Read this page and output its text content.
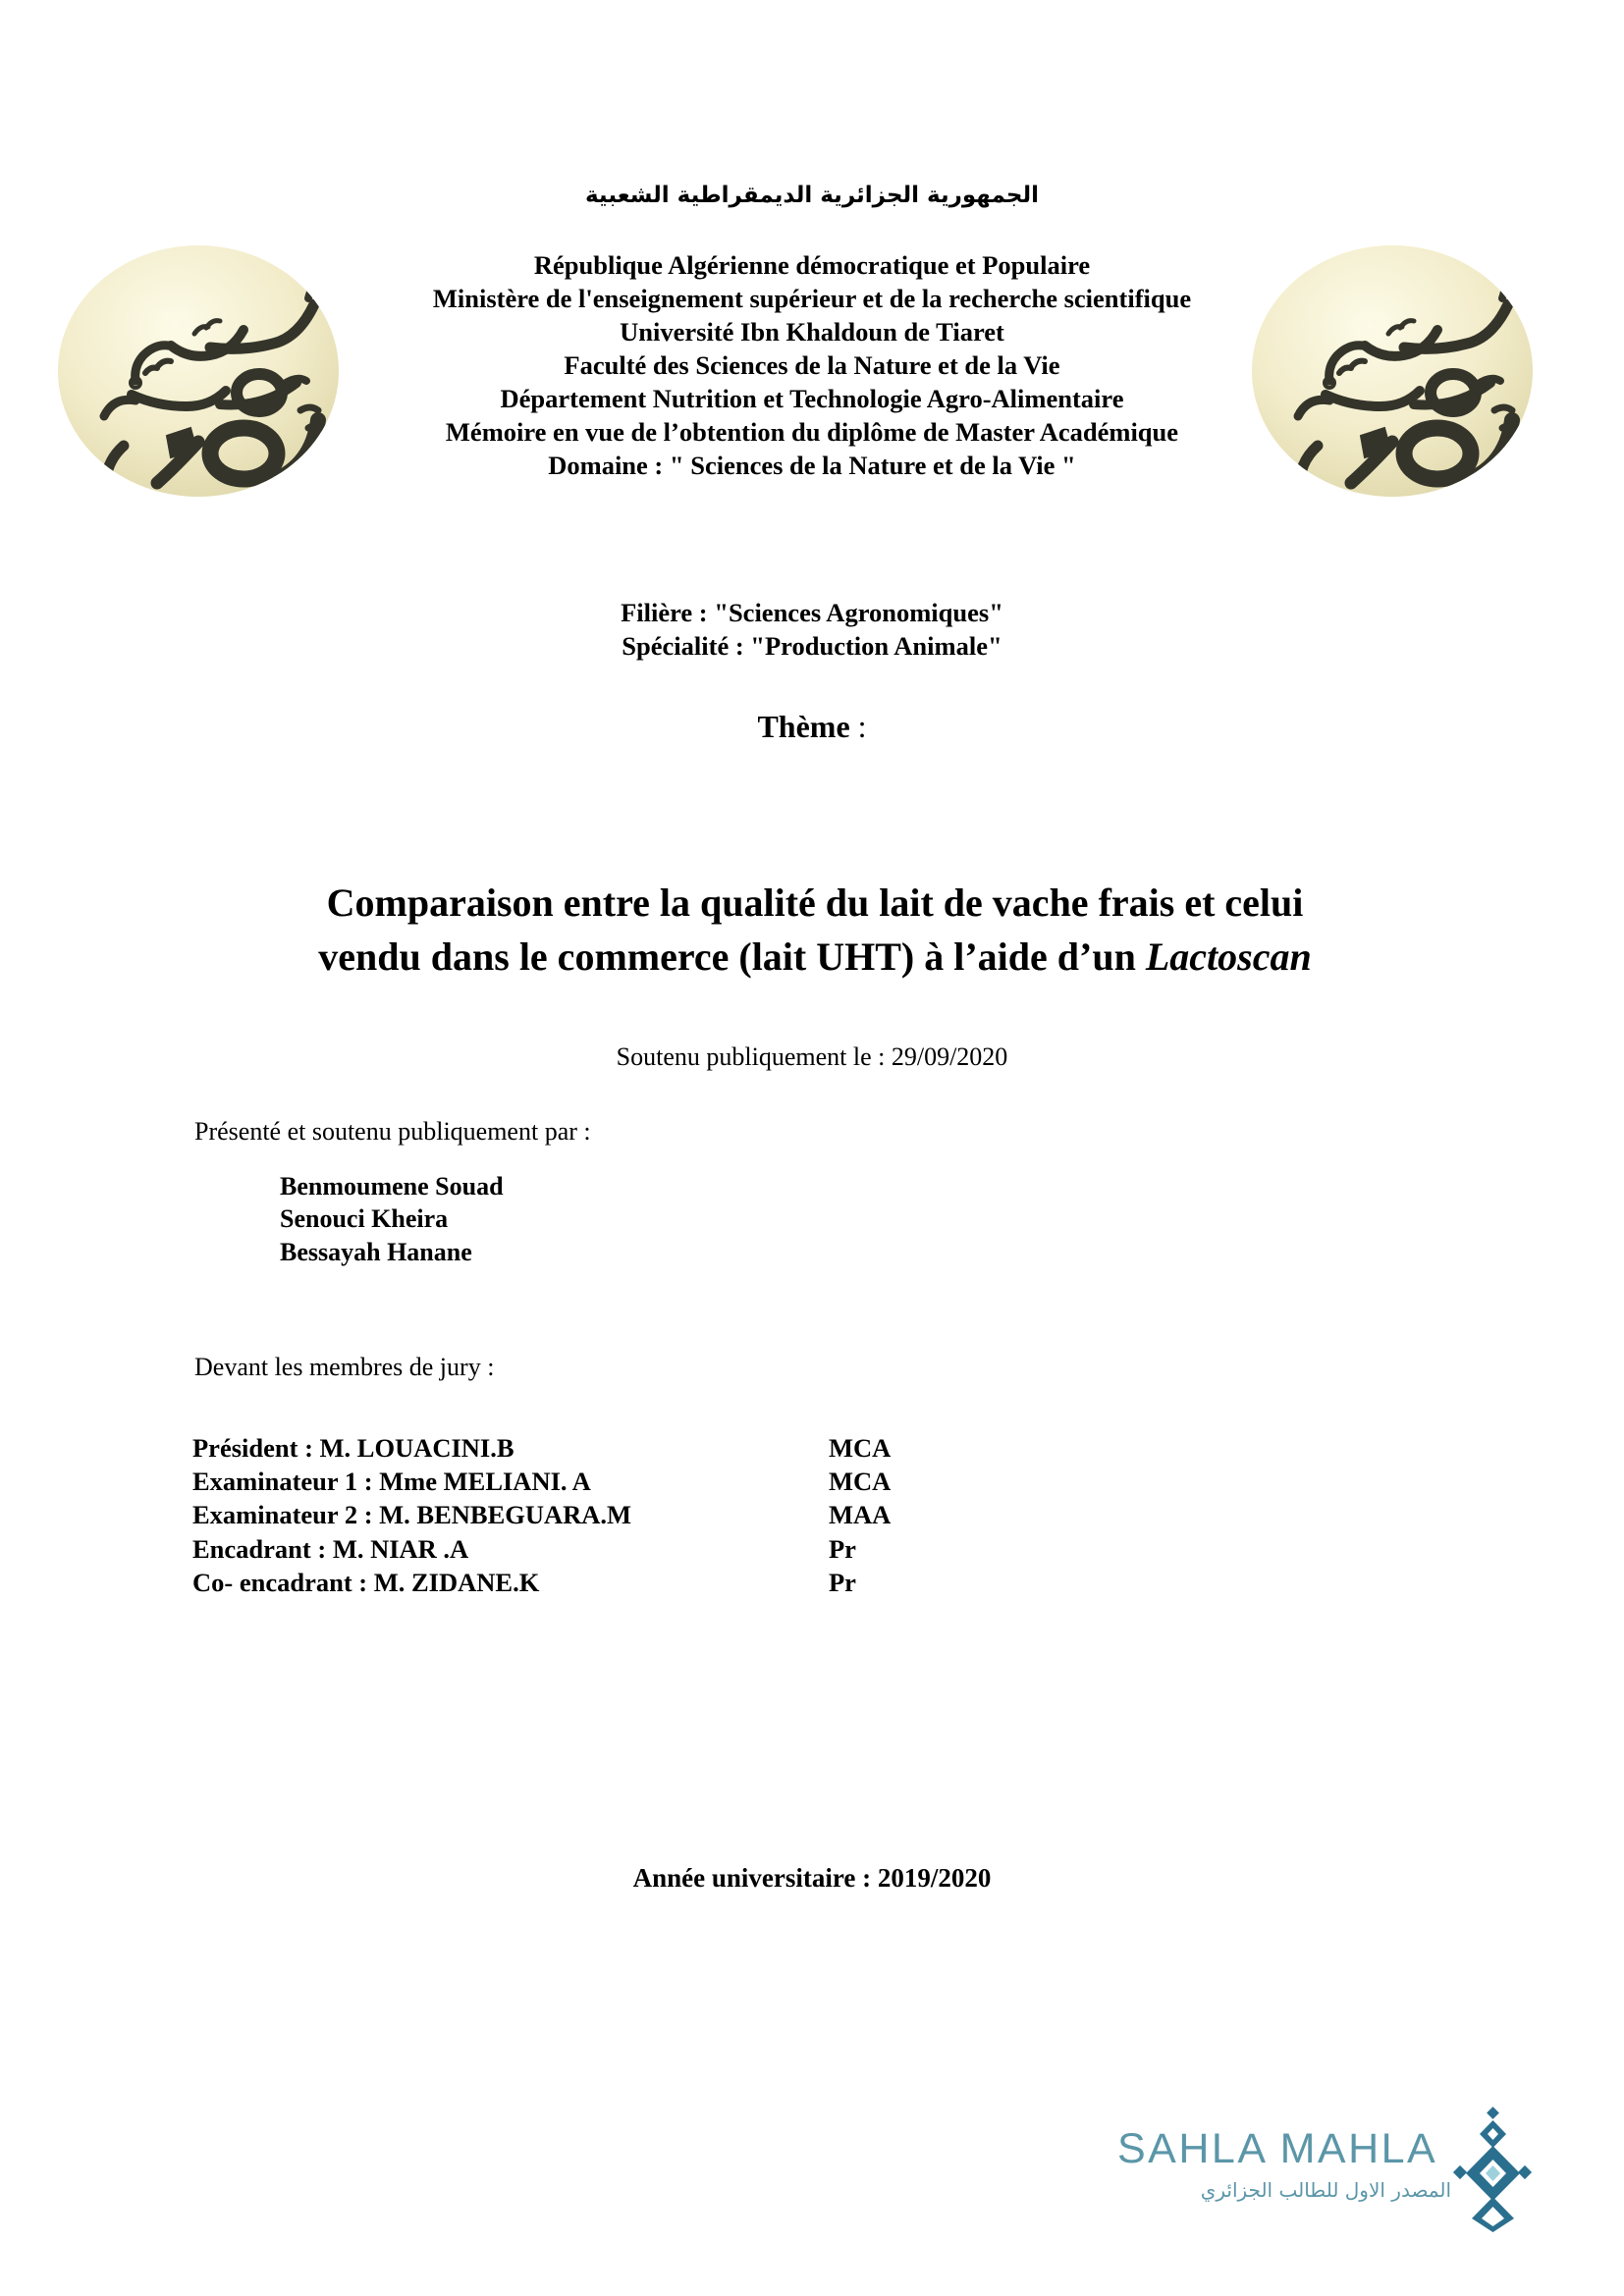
الجمهورية الجزائرية الديمقراطية الشعبية

République Algérienne démocratique et Populaire

Ministère de l'enseignement supérieur et de la recherche scientifique

Université Ibn Khaldoun de Tiaret

Faculté des Sciences de la Nature et de la Vie

Département Nutrition et Technologie Agro-Alimentaire

Mémoire en vue de l’obtention du diplôme de Master Académique

Domaine : " Sciences de la Nature et de la Vie "

Filière : "Sciences Agronomiques"

Spécialité : "Production Animale"

Thème :

Comparaison entre la qualité du lait de vache frais et celui

vendu dans le commerce (lait UHT) à l’aide d’un Lactoscan

Soutenu publiquement le : 29/09/2020
Présenté et soutenu publiquement par :

Benmoumene Souad

Senouci Kheira

Bessayah Hanane

Devant les membres de jury :
Président : M. LOUACINI.B	MCA
Examinateur 1 : Mme MELIANI. A	MCA
Examinateur 2 : M. BENBEGUARA.M	MAA
Encadrant : M. NIAR .A	Pr
Co- encadrant : M. ZIDANE.K	Pr
Année universitaire : 2019/2020
SAHLA MAHLA
المصدر الاول للطالب الجزائري
